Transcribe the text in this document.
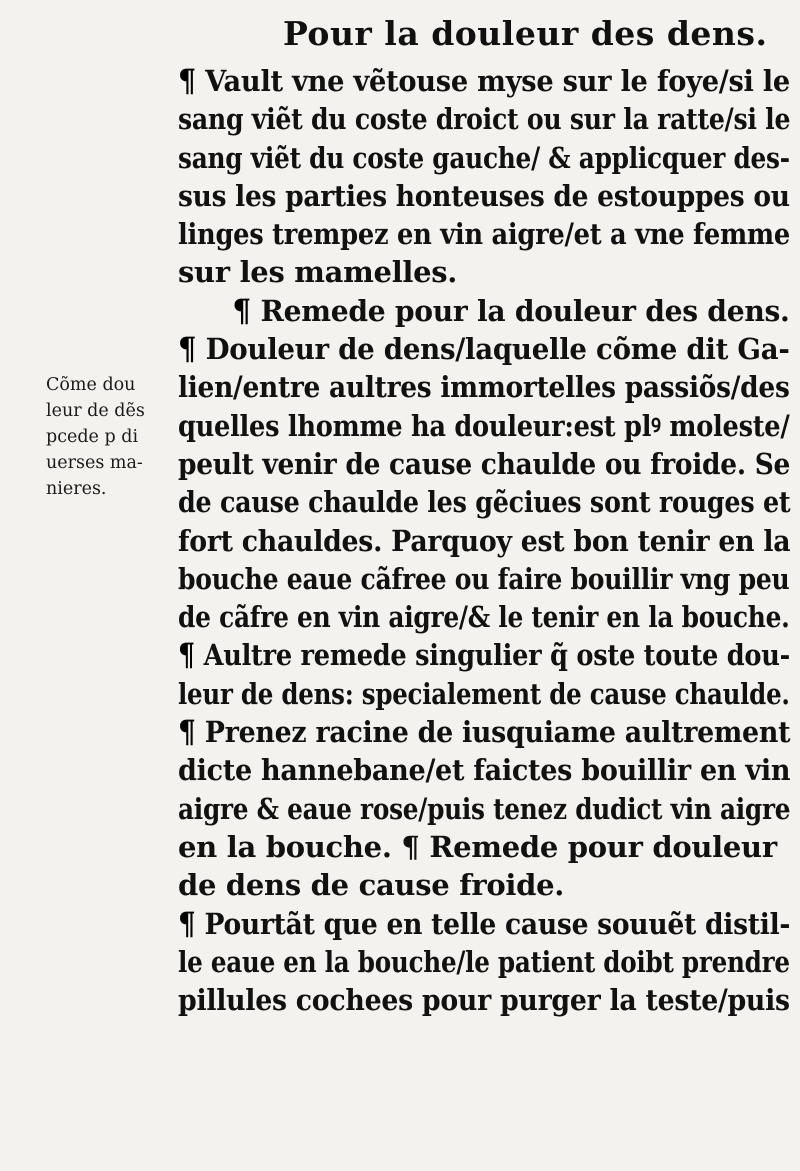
Pour la douleur des dens.
Cõme dou
leur de dẽs
pcede p di
uerses ma-
nieres.
¶ Vault vne vẽtouse myse sur le foye/si le
sang viẽt du coste droict ou sur la ratte/si le
sang viẽt du coste gauche/ & applicquer des-
sus les parties honteuses de estouppes ou
linges trempez en vin aigre/et a vne femme
sur les mamelles.
¶ Remede pour la douleur des dens.
¶ Douleur de dens/laquelle cõme dit Ga-
lien/entre aultres immortelles passiõs/des
quelles lhomme ha douleur:est plꝰ moleste/
peult venir de cause chaulde ou froide. Se
de cause chaulde les gẽciues sont rouges et
fort chauldes. Parquoy est bon tenir en la
bouche eaue cãfree ou faire bouillir vng peu
de cãfre en vin aigre/& le tenir en la bouche.
¶ Aultre remede singulier q̃ oste toute dou-
leur de dens: specialement de cause chaulde.
¶ Prenez racine de iusquiame aultrement
dicte hannebane/et faictes bouillir en vin
aigre & eaue rose/puis tenez dudict vin aigre
en la bouche. ¶ Remede pour douleur
de dens de cause froide.
¶ Pourtãt que en telle cause souuẽt distil-
le eaue en la bouche/le patient doibt prendre
pillules cochees pour purger la teste/puis
